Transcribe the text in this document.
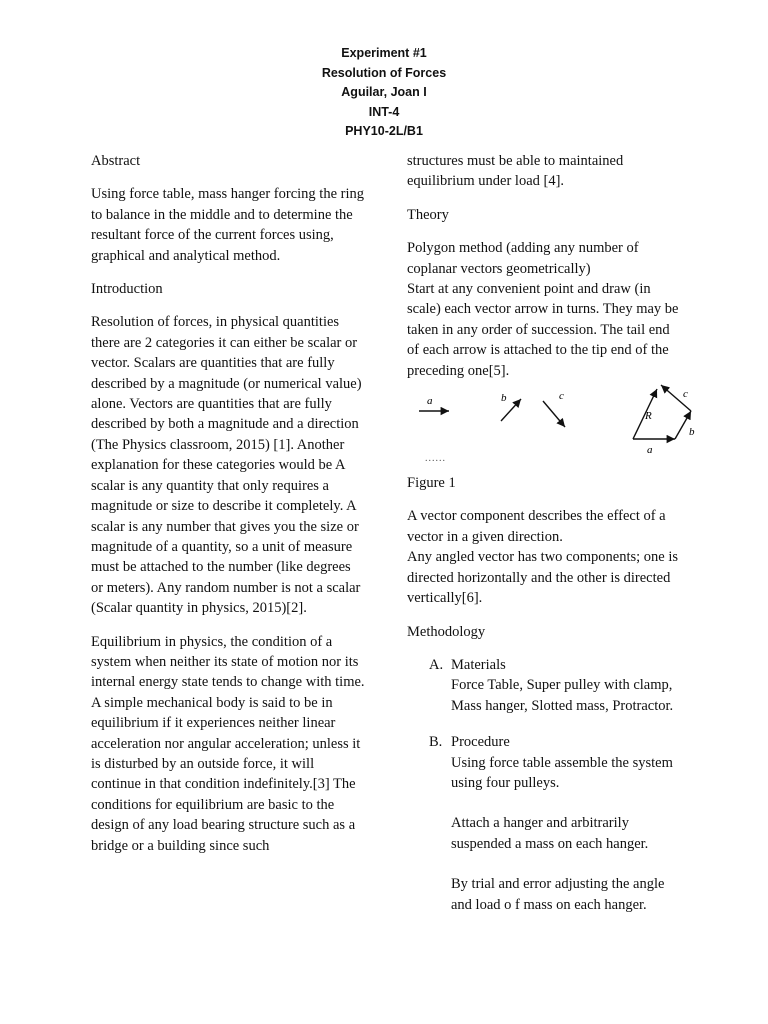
Experiment #1
Resolution of Forces
Aguilar, Joan I
INT-4
PHY10-2L/B1

Abstract

Using force table, mass hanger forcing the ring to balance in the middle and to determine the resultant force of the current forces using, graphical and analytical method.

Introduction

Resolution of forces, in physical quantities there are 2 categories it can either be scalar or vector. Scalars are quantities that are fully described by a magnitude (or numerical value) alone. Vectors are quantities that are fully described by both a magnitude and a direction (The Physics classroom, 2015) [1]. Another explanation for these categories would be A scalar is any quantity that only requires a magnitude or size to describe it completely. A scalar is any number that gives you the size or magnitude of a quantity, so a unit of measure must be attached to the number (like degrees or meters). Any random number is not a scalar (Scalar quantity in physics, 2015)[2].

Equilibrium in physics, the condition of a system when neither its state of motion nor its internal energy state tends to change with time. A simple mechanical body is said to be in equilibrium if it experiences neither linear acceleration nor angular acceleration; unless it is disturbed by an outside force, it will continue in that condition indefinitely.[3] The conditions for equilibrium are basic to the design of any load bearing structure such as a bridge or a building since such

structures must be able to maintained equilibrium under load [4].

Theory

Polygon method (adding any number of coplanar vectors geometrically)
Start at any convenient point and draw (in scale) each vector arrow in turns. They may be taken in any order of succession. The tail end of each arrow is attached to the tip end of the preceding one[5].

a	b	c
a
b
c
R
......

Figure 1

A vector component describes the effect of a vector in a given direction.
Any angled vector has two components; one is directed horizontally and the other is directed vertically[6].

Methodology

A. Materials
Force Table, Super pulley with clamp, Mass hanger, Slotted mass, Protractor.
B. Procedure
Using force table assemble the system using four pulleys.
Attach a hanger and arbitrarily suspended a mass on each hanger.
By trial and error adjusting the angle and load o f mass on each hanger.
